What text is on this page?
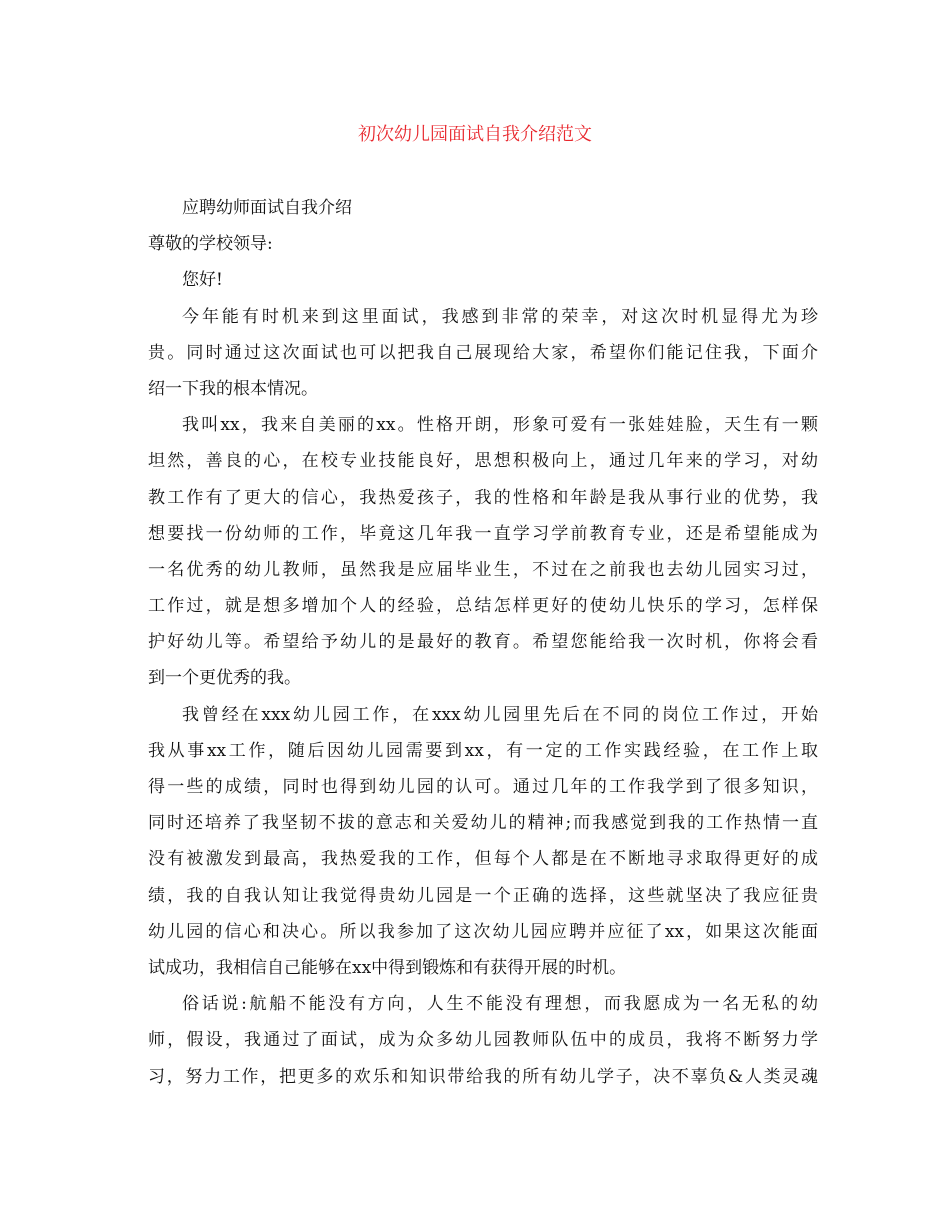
初次幼儿园面试自我介绍范文
应聘幼师面试自我介绍
尊敬的学校领导:
您好!
今年能有时机来到这里面试，我感到非常的荣幸，对这次时机显得尤为珍
贵。同时通过这次面试也可以把我自己展现给大家，希望你们能记住我，下面介
绍一下我的根本情况。
我叫xx，我来自美丽的xx。性格开朗，形象可爱有一张娃娃脸，天生有一颗
坦然，善良的心，在校专业技能良好，思想积极向上，通过几年来的学习，对幼
教工作有了更大的信心，我热爱孩子，我的性格和年龄是我从事行业的优势，我
想要找一份幼师的工作，毕竟这几年我一直学习学前教育专业，还是希望能成为
一名优秀的幼儿教师，虽然我是应届毕业生，不过在之前我也去幼儿园实习过，
工作过，就是想多增加个人的经验，总结怎样更好的使幼儿快乐的学习，怎样保
护好幼儿等。希望给予幼儿的是最好的教育。希望您能给我一次时机，你将会看
到一个更优秀的我。
我曾经在xxx幼儿园工作，在xxx幼儿园里先后在不同的岗位工作过，开始
我从事xx工作，随后因幼儿园需要到xx，有一定的工作实践经验，在工作上取
得一些的成绩，同时也得到幼儿园的认可。通过几年的工作我学到了很多知识，
同时还培养了我坚韧不拔的意志和关爱幼儿的精神;而我感觉到我的工作热情一直
没有被激发到最高，我热爱我的工作，但每个人都是在不断地寻求取得更好的成
绩，我的自我认知让我觉得贵幼儿园是一个正确的选择，这些就坚决了我应征贵
幼儿园的信心和决心。所以我参加了这次幼儿园应聘并应征了xx，如果这次能面
试成功，我相信自己能够在xx中得到锻炼和有获得开展的时机。
俗话说:航船不能没有方向，人生不能没有理想，而我愿成为一名无私的幼
师，假设，我通过了面试，成为众多幼儿园教师队伍中的成员，我将不断努力学
习，努力工作，把更多的欢乐和知识带给我的所有幼儿学子，决不辜负&人类灵魂
